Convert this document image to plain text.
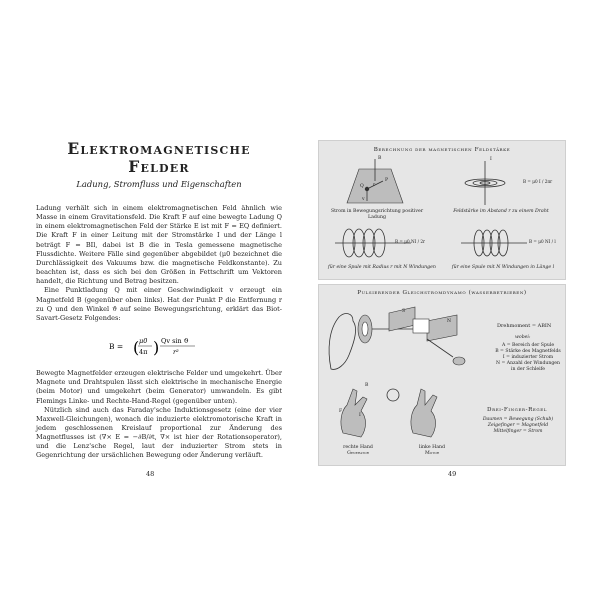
Elektromagnetische Felder
Ladung, Stromfluss und Eigenschaften

Ladung verhält sich in einem elektromagnetischen Feld ähnlich wie Masse in einem Gravitationsfeld. Die Kraft F auf eine bewegte Ladung Q in einem elektromagnetischen Feld der Stärke E ist mit F = EQ definiert. Die Kraft F in einer Leitung mit der Stromstärke I und der Länge l beträgt F = BIl, dabei ist B die in Tesla gemessene magnetische Flussdichte. Weitere Fälle sind gegenüber abgebildet (μ0 bezeichnet die Durchlässigkeit des Vakuums bzw. die magnetische Feldkonstante). Zu beachten ist, dass es sich bei den Größen in Fettschrift um Vektoren handelt, die Richtung und Betrag besitzen.

Eine Punktladung Q mit einer Geschwindigkeit v erzeugt ein Magnetfeld B (gegenüber oben links). Hat der Punkt P die Entfernung r zu Q und den Winkel ϑ auf seine Bewegungsrichtung, erklärt das Biot-Savart-Gesetz Folgendes:

B = ( μ0
4π ) Qv sin ϑ
r²

Bewegte Magnetfelder erzeugen elektrische Felder und umgekehrt. Über Magnete und Drahtspulen lässt sich elektrische in mechanische Energie (beim Motor) und umgekehrt (beim Generator) umwandeln. Es gibt Flemings Linke- und Rechte-Hand-Regel (gegenüber unten).

Nützlich sind auch das Faraday'sche Induktionsgesetz (eine der vier Maxwell-Gleichungen), wonach die induzierte elektromotorische Kraft in jedem geschlossenen Kreislauf proportional zur Änderung des Magnetflusses ist (∇× E = −∂B/∂t, ∇× ist hier der Rotationsoperator), und die Lenz'sche Regel, laut der induzierter Strom stets in Gegenrichtung der ursächlichen Bewegung oder Änderung verläuft.

48
Berechnung der magnetischen Feldstärke
B
Q
P
r
v
Strom in Bewegungsrichtung positiver Ladung
I
B = μ0 I / 2πr
Feldstärke im Abstand r zu einem Draht
B = μ0 NI / 2r
für eine Spule mit Radius r mit N Windungen
B = μ0 NI / l
für eine Spule mit N Windungen in Länge l
Pulsierender Gleichstromdynamo (wasserbetrieben)
S
N
Drehmoment = ABIN
wobei:
A = Bereich der Spule
B = Stärke des Magnetfelds
I = induzierter Strom
N = Anzahl der Windungen in der Schleife
B
F
I
rechte Hand
Generator
linke Hand
Motor
Drei-Finger-Regel
Daumen = Bewegung (Schub)
Zeigefinger = Magnetfeld
Mittelfinger = Strom
49
